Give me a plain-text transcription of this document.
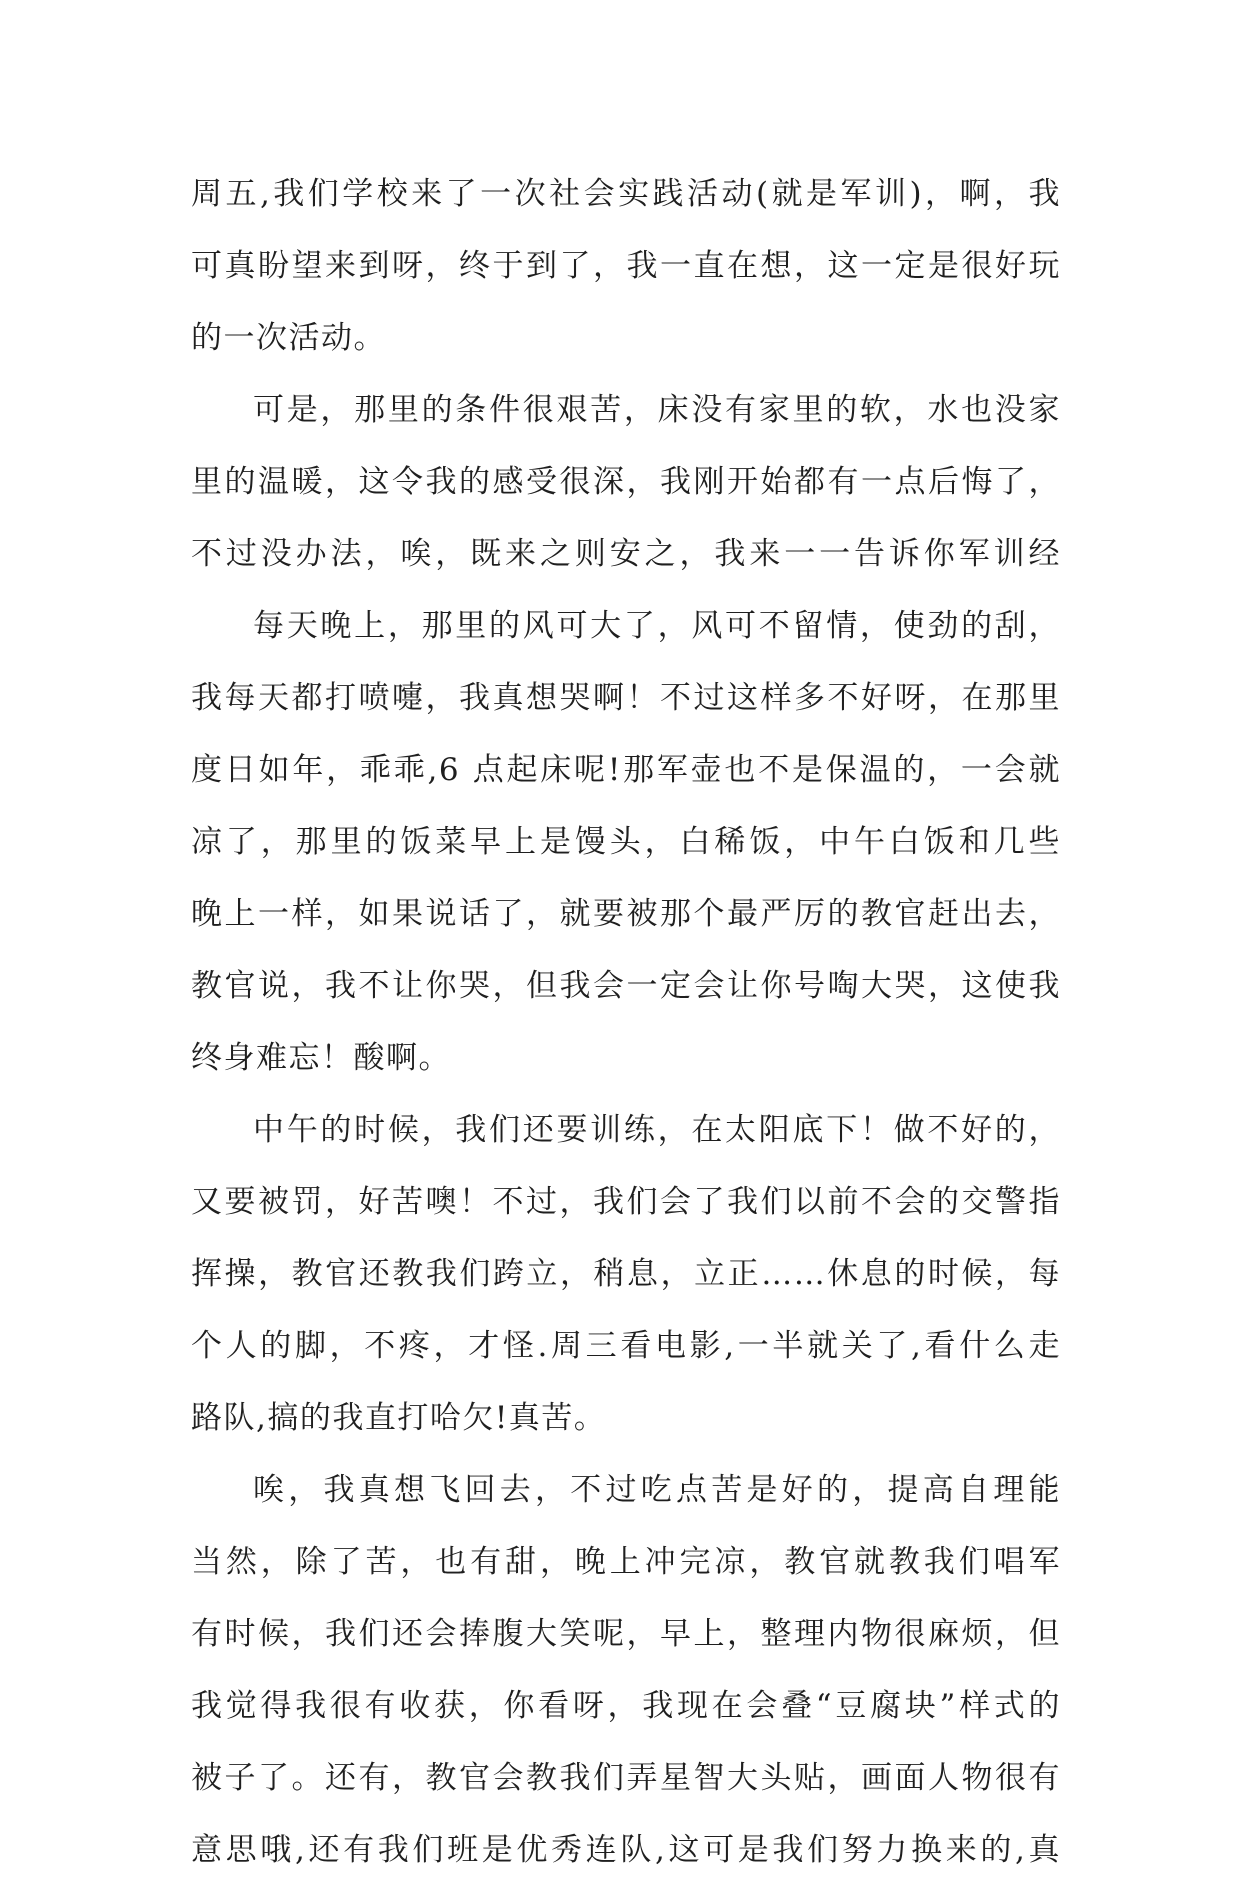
周五,我们学校来了一次社会实践活动(就是军训)，啊，我
可真盼望来到呀，终于到了，我一直在想，这一定是很好玩
的一次活动。
可是，那里的条件很艰苦，床没有家里的软，水也没家
里的温暖，这令我的感受很深，我刚开始都有一点后悔了，
不过没办法，唉，既来之则安之，我来一一告诉你军训经
每天晚上，那里的风可大了，风可不留情，使劲的刮，
我每天都打喷嚏，我真想哭啊！不过这样多不好呀，在那里
度日如年，乖乖,6 点起床呢!那军壶也不是保温的，一会就
凉了，那里的饭菜早上是馒头，白稀饭，中午白饭和几些
晚上一样，如果说话了，就要被那个最严厉的教官赶出去，
教官说，我不让你哭，但我会一定会让你号啕大哭，这使我
终身难忘！酸啊。
中午的时候，我们还要训练，在太阳底下！做不好的，
又要被罚，好苦噢！不过，我们会了我们以前不会的交警指
挥操，教官还教我们跨立，稍息，立正……休息的时候，每
个人的脚，不疼，才怪.周三看电影,一半就关了,看什么走
路队,搞的我直打哈欠!真苦。
唉，我真想飞回去，不过吃点苦是好的，提高自理能
当然，除了苦，也有甜，晚上冲完凉，教官就教我们唱军
有时候，我们还会捧腹大笑呢，早上，整理内物很麻烦，但
我觉得我很有收获，你看呀，我现在会叠“豆腐块”样式的
被子了。还有，教官会教我们弄星智大头贴，画面人物很有
意思哦,还有我们班是优秀连队,这可是我们努力换来的,真
